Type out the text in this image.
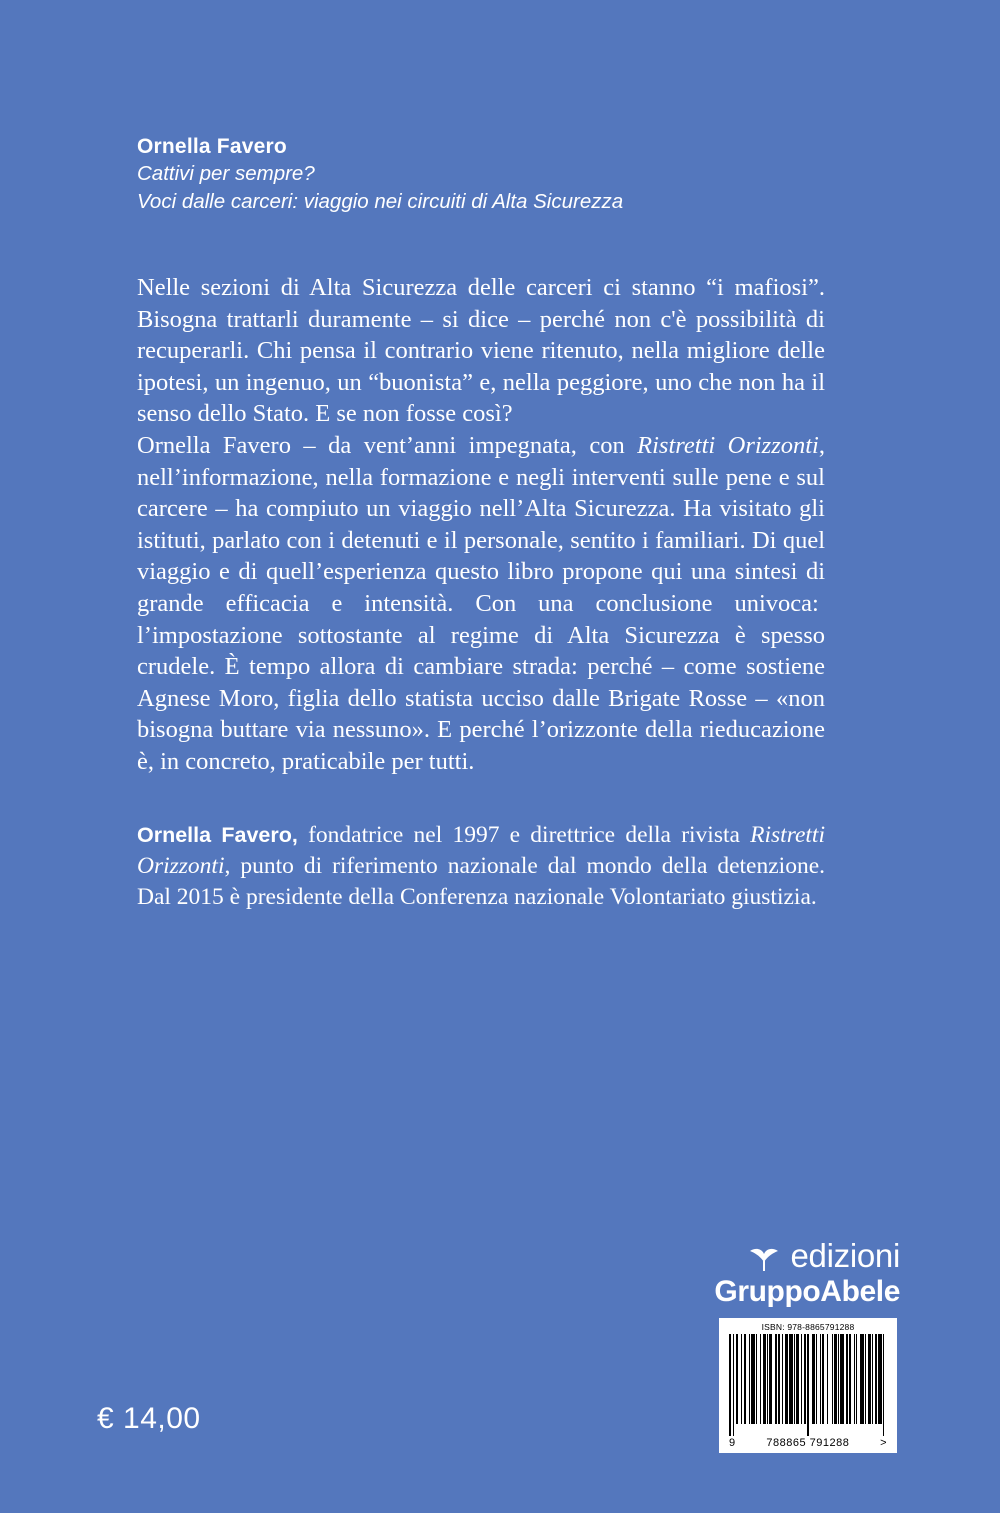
Ornella Favero
Cattivi per sempre?
Voci dalle carceri: viaggio nei circuiti di Alta Sicurezza

Nelle sezioni di Alta Sicurezza delle carceri ci stanno “i mafiosi”. Bisogna trattarli duramente – si dice – perché non c'è possibilità di recuperarli. Chi pensa il contrario viene ritenuto, nella migliore delle ipotesi, un ingenuo, un “buonista” e, nella peggiore, uno che non ha il senso dello Stato. E se non fosse così?

Ornella Favero – da vent’anni impegnata, con Ristretti Orizzonti, nell’informazione, nella formazione e negli interventi sulle pene e sul carcere – ha compiuto un viaggio nell’Alta Sicurezza. Ha visitato gli istituti, parlato con i detenuti e il personale, sentito i familiari. Di quel viaggio e di quell’esperienza questo libro propone qui una sintesi di grande efficacia e intensità. Con una conclusione univoca:  l’impostazione sottostante al regime di Alta Sicurezza è spesso crudele. È tempo allora di cambiare strada: perché – come sostiene Agnese Moro, figlia dello statista ucciso dalle Brigate Rosse – «non bisogna buttare via nessuno». E perché l’orizzonte della rieducazione è, in concreto, praticabile per tutti.

Ornella Favero, fondatrice nel 1997 e direttrice della rivista Ristretti Orizzonti, punto di riferimento nazionale dal mondo della detenzione. Dal 2015 è presidente della Conferenza nazionale Volontariato giustizia.
edizioni
GruppoAbele
ISBN: 978-8865791288
9	788865 791288	>
€ 14,00
